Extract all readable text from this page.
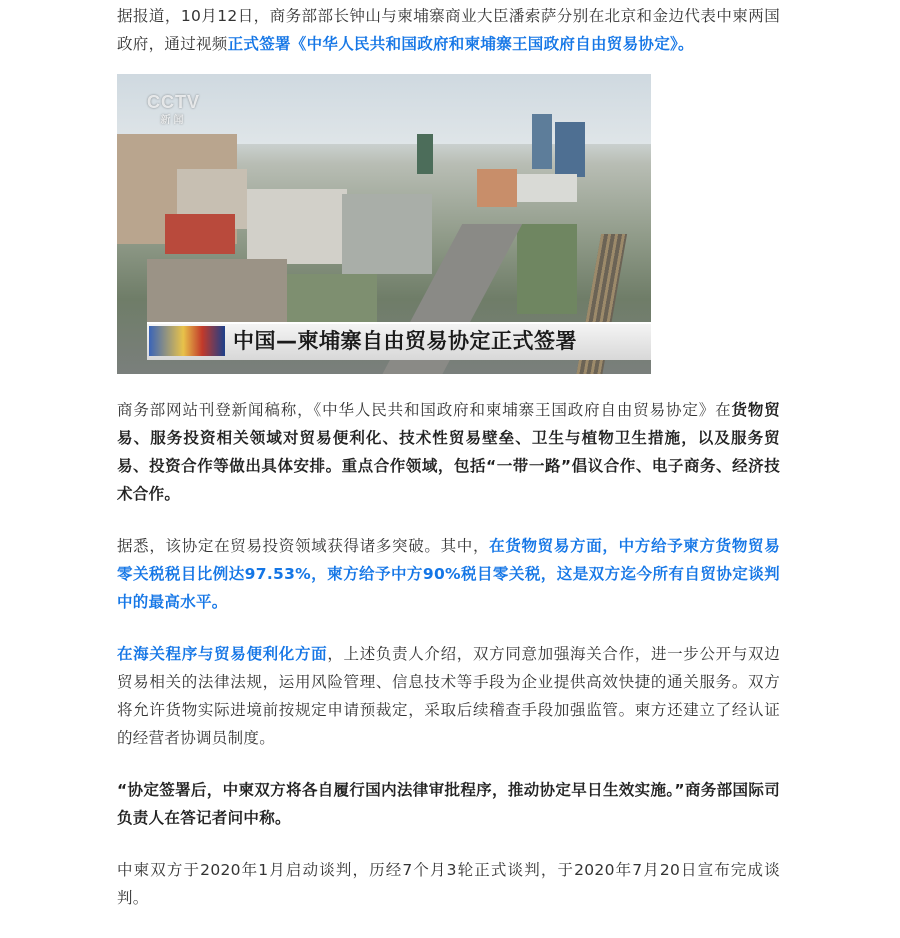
据报道，10月12日，商务部部长钟山与柬埔寨商业大臣潘索萨分别在北京和金边代表中柬两国政府，通过视频正式签署《中华人民共和国政府和柬埔寨王国政府自由贸易协定》。

CCTV
新闻
中国—柬埔寨自由贸易协定正式签署

商务部网站刊登新闻稿称，《中华人民共和国政府和柬埔寨王国政府自由贸易协定》在货物贸易、服务投资相关领域对贸易便利化、技术性贸易壁垒、卫生与植物卫生措施，以及服务贸易、投资合作等做出具体安排。重点合作领域，包括“一带一路”倡议合作、电子商务、经济技术合作。

据悉，该协定在贸易投资领域获得诸多突破。其中，在货物贸易方面，中方给予柬方货物贸易零关税税目比例达97.53%，柬方给予中方90%税目零关税，这是双方迄今所有自贸协定谈判中的最高水平。

在海关程序与贸易便利化方面，上述负责人介绍，双方同意加强海关合作，进一步公开与双边贸易相关的法律法规，运用风险管理、信息技术等手段为企业提供高效快捷的通关服务。双方将允许货物实际进境前按规定申请预裁定，采取后续稽查手段加强监管。柬方还建立了经认证的经营者协调员制度。

“协定签署后，中柬双方将各自履行国内法律审批程序，推动协定早日生效实施。”商务部国际司负责人在答记者问中称。

中柬双方于2020年1月启动谈判，历经7个月3轮正式谈判，于2020年7月20日宣布完成谈判。
